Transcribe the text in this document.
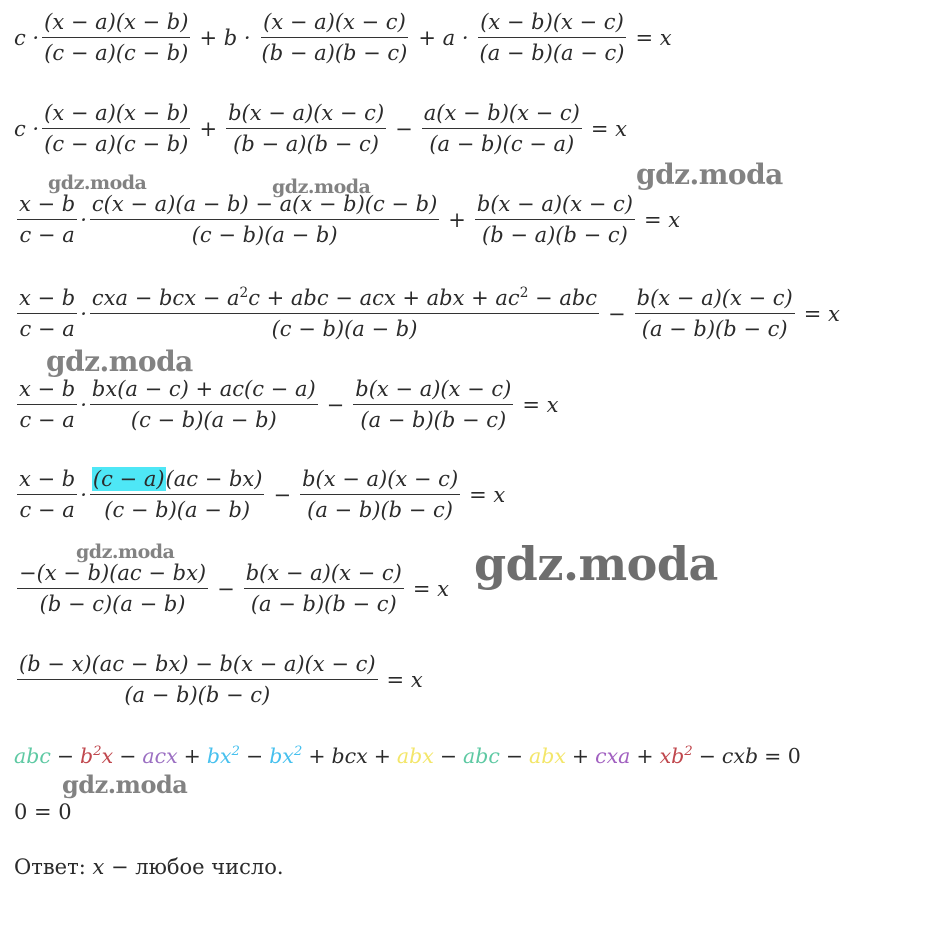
$c \cdot \frac{(x - a)(x - b)}{(c - a)(c - b)} + b \cdot \frac{(x - a)(x - c)}{(b - a)(b - c)} + a \cdot \frac{(x - b)(x - c)}{(a - b)(a - c)} = x$
$c \cdot \frac{(x - a)(x - b)}{(c - a)(c - b)} + \frac{b(x - a)(x - c)}{(b - a)(b - c)} - \frac{a(x - b)(x - c)}{(a - b)(c - a)} = x$
$\frac{x - b}{c - a} \cdot \frac{c(x - a)(a - b) - a(x - b)(c - b)}{(c - b)(a - b)} + \frac{b(x - a)(x - c)}{(b - a)(b - c)} = x$
$\frac{x - b}{c - a} \cdot \frac{cxa - bcx - a^2c + abc - acx + abx + ac^2 - abc}{(c - b)(a - b)} - \frac{b(x - a)(x - c)}{(a - b)(b - c)} = x$
$\frac{x - b}{c - a} \cdot \frac{bx(a - c) + ac(c - a)}{(c - b)(a - b)} - \frac{b(x - a)(x - c)}{(a - b)(b - c)} = x$
$\frac{x - b}{c - a} \cdot \frac{(c - a)(ac - bx)}{(c - b)(a - b)} - \frac{b(x - a)(x - c)}{(a - b)(b - c)} = x$
$\frac{-(x - b)(ac - bx)}{(b - c)(a - b)} - \frac{b(x - a)(x - c)}{(a - b)(b - c)} = x$
$\frac{(b - x)(ac - bx) - b(x - a)(x - c)}{(a - b)(b - c)} = x$
abc − $b^2x$ − acx + $bx^2 - bx^2$ + bcx + abx − abc − abx + cxa + $xb^2$ − cxb = 0
0 = 0
Ответ:
x
− любое число.
gdz.moda	gdz.moda	gdz.moda
gdz.moda
gdz.moda	gdz.moda
gdz.moda
